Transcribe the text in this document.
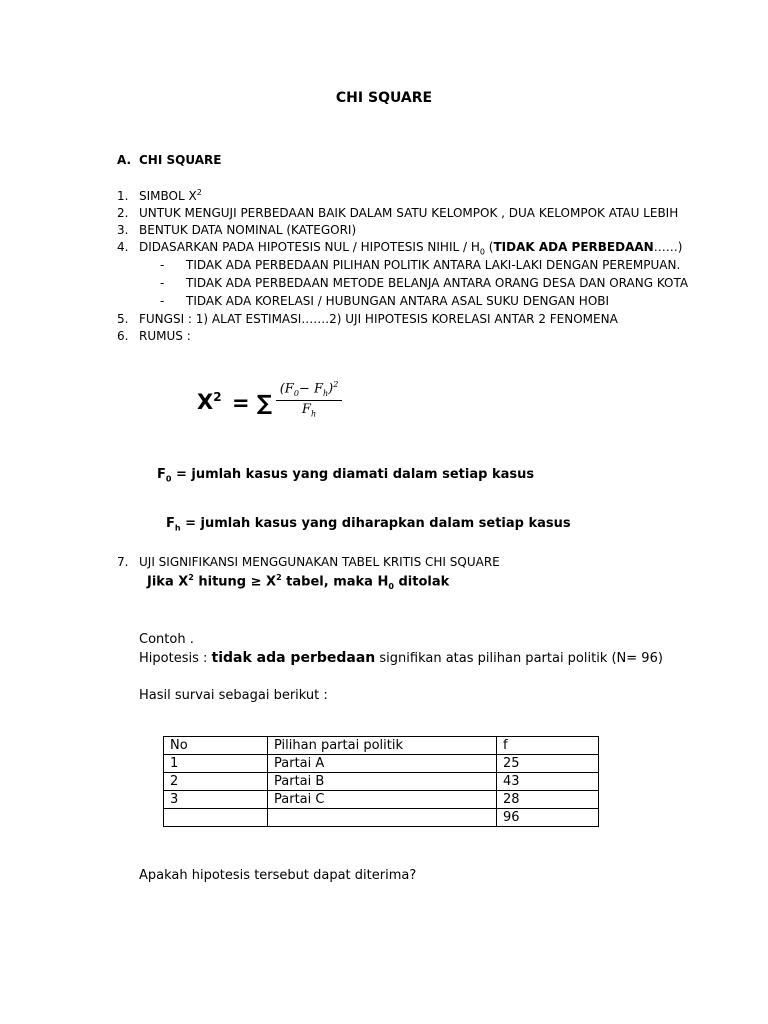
CHI SQUARE
A. CHI SQUARE
1. SIMBOL $X^2$
2. UNTUK MENGUJI PERBEDAAN BAIK DALAM SATU KELOMPOK , DUA KELOMPOK ATAU LEBIH
3. BENTUK DATA NOMINAL (KATEGORI)
4. DIDASARKAN PADA HIPOTESIS NUL / HIPOTESIS NIHIL / $H_0$ (TIDAK ADA PERBEDAAN……)
- TIDAK ADA PERBEDAAN PILIHAN POLITIK ANTARA LAKI-LAKI DENGAN PEREMPUAN.
- TIDAK ADA PERBEDAAN METODE BELANJA ANTARA ORANG DESA DAN ORANG KOTA
- TIDAK ADA KORELASI / HUBUNGAN ANTARA ASAL SUKU DENGAN HOBI
5. FUNGSI : 1) ALAT ESTIMASI…….2) UJI HIPOTESIS KORELASI ANTAR 2 FENOMENA
6. RUMUS :
$X^2$ = ∑ $\frac{(F_0- F_h)^2}{F_h}$
$F_0$ = jumlah kasus yang diamati dalam setiap kasus
$F_h$ = jumlah kasus yang diharapkan dalam setiap kasus
7. UJI SIGNIFIKANSI MENGGUNAKAN TABEL KRITIS CHI SQUARE
Jika $X^2$ hitung ≥ $X^2$ tabel, maka $H_0$ ditolak
Contoh .
Hipotesis : tidak ada perbedaan signifikan atas pilihan partai politik (N= 96)
Hasil survai sebagai berikut :
No	Pilihan partai politik	f
1	Partai A	25
2	Partai B	43
3	Partai C	28
		96
Apakah hipotesis tersebut dapat diterima?
